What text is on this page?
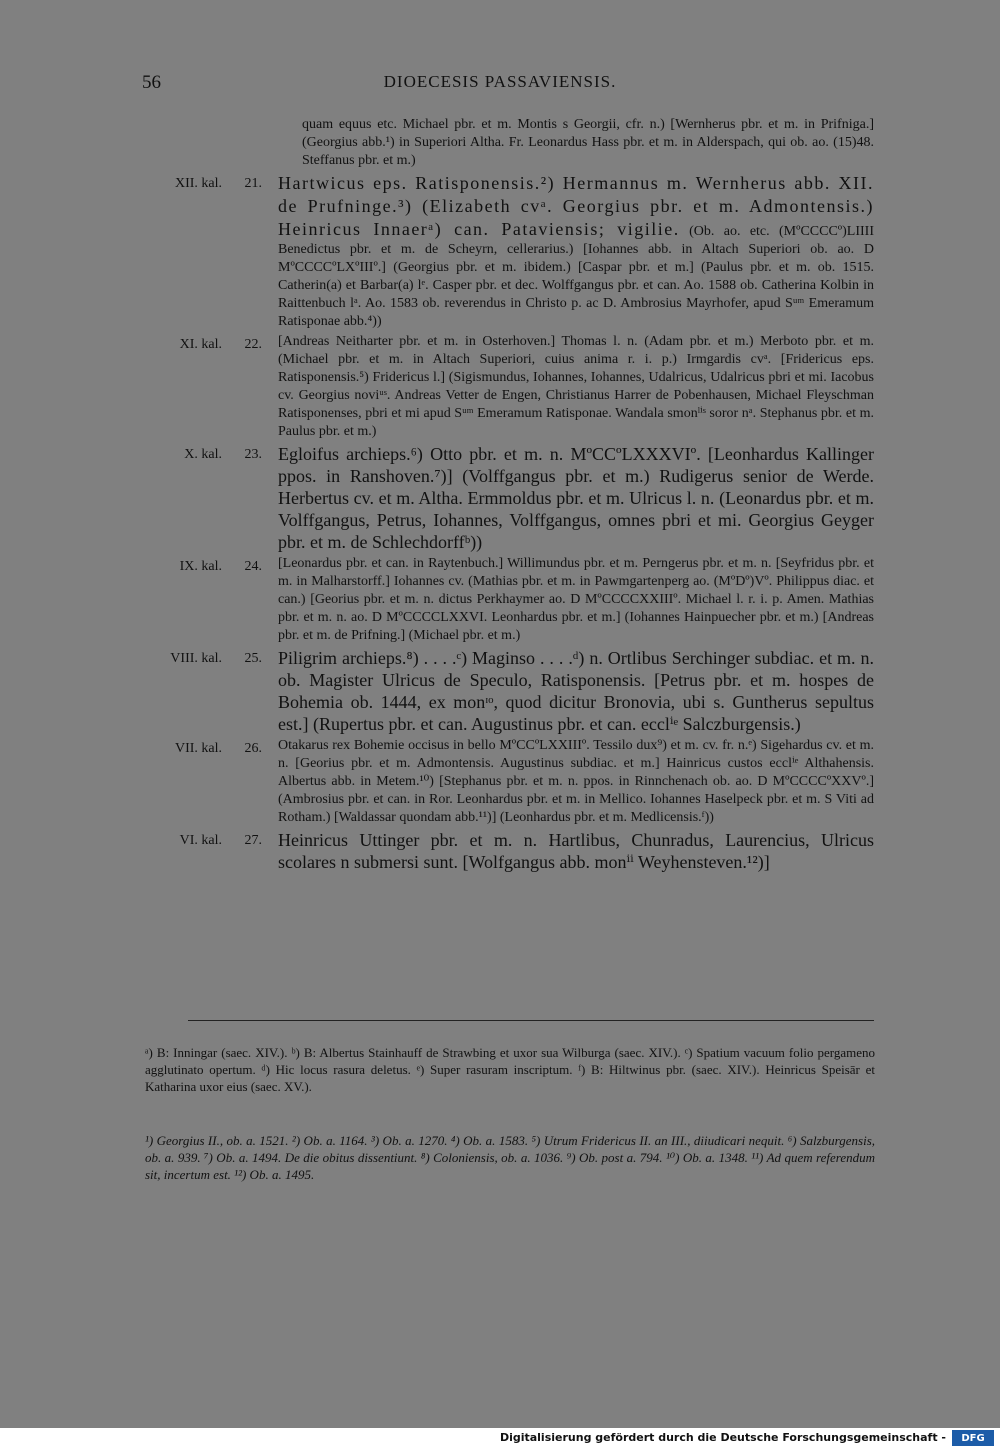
56	DIOECESIS PASSAVIENSIS.
quam equus etc. Michael pbr. et m. Montis s Georgii, cfr. n.) [Wernherus pbr. et m. in Prifniga.] (Georgius abb.¹) in Superiori Altha. Fr. Leonardus Hass pbr. et m. in Alderspach, qui ob. ao. (15)48. Steffanus pbr. et m.)
XII. kal.	21. Hartwicus eps. Ratisponensis.²) Hermannus m. Wernherus abb. XII. de Prufninge.³) (Elizabeth cvᵃ. Georgius pbr. et m. Admontensis.) Heinricus Innaerᵃ) can. Pataviensis; vigilie. (Ob. ao. etc. (MºCCCCº)LIIII Benedictus pbr. et m. de Scheyrn, cellerarius.) [Iohannes abb. in Altach Superiori ob. ao. D MºCCCCºLXºIIIº.] (Georgius pbr. et m. ibidem.) [Caspar pbr. et m.] (Paulus pbr. et m. ob. 1515. Catherin(a) et Barbar(a) lᵉ. Casper pbr. et dec. Wolffgangus pbr. et can. Ao. 1588 ob. Catherina Kolbin in Raittenbuch lᵃ. Ao. 1583 ob. reverendus in Christo p. ac D. Ambrosius Mayrhofer, apud Sᵘᵐ Emeramum Ratisponae abb.⁴))
XI. kal.	22. [Andreas Neitharter pbr. et m. in Osterhoven.] Thomas l. n. (Adam pbr. et m.) Merboto pbr. et m. (Michael pbr. et m. in Altach Superiori, cuius anima r. i. p.) Irmgardis cvᵃ. [Fridericus eps. Ratisponensis.⁵) Fridericus l.] (Sigismundus, Iohannes, Iohannes, Udalricus, Udalricus pbri et mi. Iacobus cv. Georgius noviᵘˢ. Andreas Vetter de Engen, Christianus Harrer de Pobenhausen, Michael Fleyschman Ratisponenses, pbri et mi apud Sᵘᵐ Emeramum Ratisponae. Wandala smonˡⁱˢ soror nᵃ. Stephanus pbr. et m. Paulus pbr. et m.)
X. kal.	23. Egloifus archieps.⁶) Otto pbr. et m. n. MºCCºLXXXVIº. [Leonhardus Kallinger ppos. in Ranshoven.⁷)] (Volffgangus pbr. et m.) Rudigerus senior de Werde. Herbertus cv. et m. Altha. Ermmoldus pbr. et m. Ulricus l. n. (Leonardus pbr. et m. Volffgangus, Petrus, Iohannes, Volffgangus, omnes pbri et mi. Georgius Geyger pbr. et m. de Schlechdorffᵇ))
IX. kal.	24. [Leonardus pbr. et can. in Raytenbuch.] Willimundus pbr. et m. Perngerus pbr. et m. n. [Seyfridus pbr. et m. in Malharstorff.] Iohannes cv. (Mathias pbr. et m. in Pawmgartenperg ao. (MºDº)Vº. Philippus diac. et can.) [Georius pbr. et m. n. dictus Perkhaymer ao. D MºCCCCXXIIIº. Michael l. r. i. p. Amen. Mathias pbr. et m. n. ao. D MºCCCCLXXVI. Leonhardus pbr. et m.] (Iohannes Hainpuecher pbr. et m.) [Andreas pbr. et m. de Prifning.] (Michael pbr. et m.)
VIII. kal.	25. Piligrim archieps.⁸) . . . .ᶜ) Maginso . . . .ᵈ) n. Ortlibus Serchinger subdiac. et m. n. ob. Magister Ulricus de Speculo, Ratisponensis. [Petrus pbr. et m. hospes de Bohemia ob. 1444, ex monᶦᵒ, quod dicitur Bronovia, ubi s. Guntherus sepultus est.] (Rupertus pbr. et can. Augustinus pbr. et can. ecclⁱᵉ Salczburgensis.)
VII. kal.	26. Otakarus rex Bohemie occisus in bello MºCCºLXXIIIº. Tessilo dux⁹) et m. cv. fr. n.ᵉ) Sigehardus cv. et m. n. [Georius pbr. et m. Admontensis. Augustinus subdiac. et m.] Hainricus custos ecclⁱᵉ Althahensis. Albertus abb. in Metem.¹⁰) [Stephanus pbr. et m. n. ppos. in Rinnchenach ob. ao. D MºCCCCºXXVº.] (Ambrosius pbr. et can. in Ror. Leonhardus pbr. et m. in Mellico. Iohannes Haselpeck pbr. et m. S Viti ad Rotham.) [Waldassar quondam abb.¹¹)] (Leonhardus pbr. et m. Medlicensis.ᶠ))
VI. kal.	27. Heinricus Uttinger pbr. et m. n. Hartlibus, Chunradus, Laurencius, Ulricus scolares n submersi sunt. [Wolfgangus abb. monⁱⁱ Weyhensteven.¹²)]
ᵃ) B: Inningar (saec. XIV.). ᵇ) B: Albertus Stainhauff de Strawbing et uxor sua Wilburga (saec. XIV.). ᶜ) Spatium vacuum folio pergameno agglutinato opertum. ᵈ) Hic locus rasura deletus. ᵉ) Super rasuram inscriptum. ᶠ) B: Hiltwinus pbr. (saec. XIV.). Heinricus Speisār et Katharina uxor eius (saec. XV.).
¹) Georgius II., ob. a. 1521. ²) Ob. a. 1164. ³) Ob. a. 1270. ⁴) Ob. a. 1583. ⁵) Utrum Fridericus II. an III., diiudicari nequit. ⁶) Salzburgensis, ob. a. 939. ⁷) Ob. a. 1494. De die obitus dissentiunt. ⁸) Coloniensis, ob. a. 1036. ⁹) Ob. post a. 794. ¹⁰) Ob. a. 1348. ¹¹) Ad quem referendum sit, incertum est. ¹²) Ob. a. 1495.
Digitalisierung gefördert durch die Deutsche Forschungsgemeinschaft -	DFG
